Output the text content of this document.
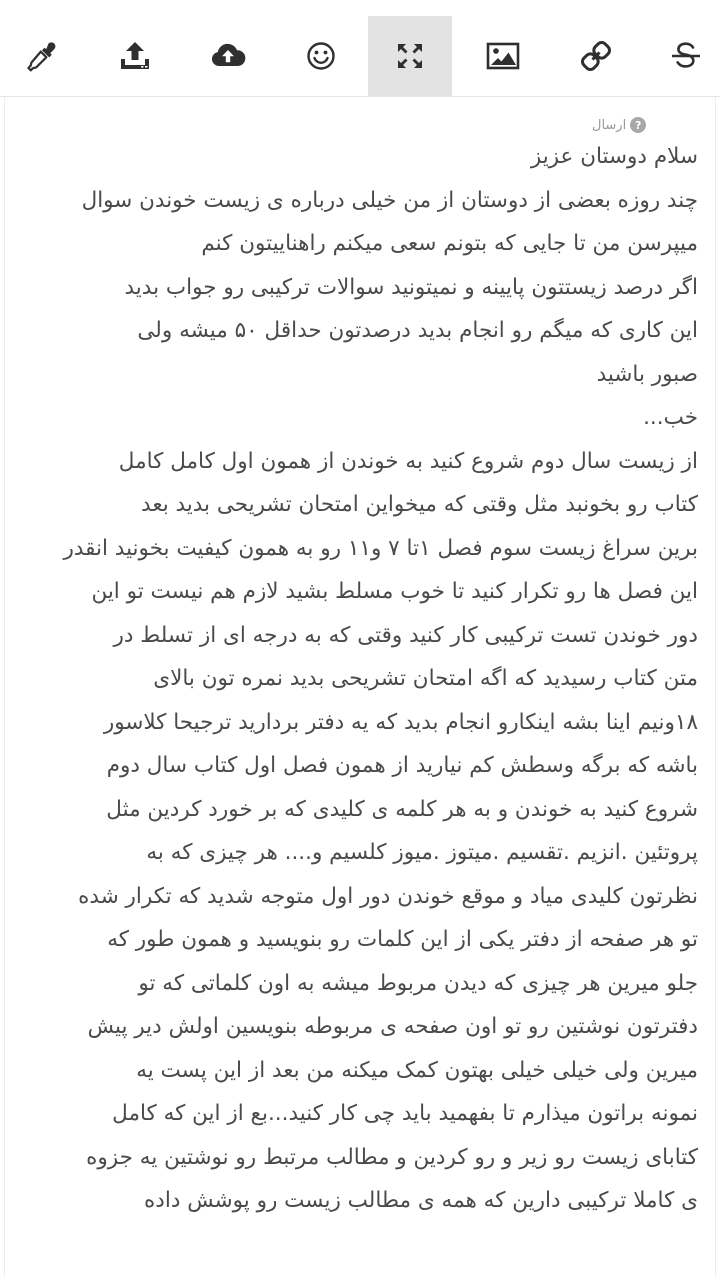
?
ارسال
سلام دوستان عزیز
چند روزه بعضی از دوستان از من خیلی درباره ی زیست خوندن سوال
میپرسن من تا جایی که بتونم سعی میکنم راهناییتون کنم
اگر درصد زیستتون پایینه و نمیتونید سوالات ترکیبی رو جواب بدید
این کاری که میگم رو انجام بدید درصدتون حداقل ۵۰ میشه ولی
صبور باشید
خب...
از زیست سال دوم شروع کنید به خوندن از همون اول کامل کامل
کتاب رو بخونبد مثل وقتی که میخواین امتحان تشریحی بدید بعد
برین سراغ زیست سوم فصل ۱تا ۷ و۱۱ رو به همون کیفیت بخونید انقدر
این فصل ها رو تکرار کنید تا خوب مسلط بشید لازم هم نیست تو این
دور خوندن تست ترکیبی کار کنید وقتی که به درجه ای از تسلط در
متن کتاب رسیدید که اگه امتحان تشریحی بدید نمره تون بالای
۱۸ونیم اینا بشه اینکارو انجام بدید که یه دفتر بردارید ترجیحا کلاسور
باشه که برگه وسطش کم نیارید از همون فصل اول کتاب سال دوم
شروع کنید به خوندن و به هر کلمه ی کلیدی که بر خورد کردین مثل
پروتئین .انزیم .تقسیم .میتوز .میوز کلسیم و.... هر چیزی که به
نظرتون کلیدی میاد و موقع خوندن دور اول متوجه شدید که تکرار شده
تو هر صفحه از دفتر یکی از این کلمات رو بنویسید و همون طور که
جلو میرین هر چیزی که دیدن مربوط میشه به اون کلماتی که تو
دفترتون نوشتین رو تو اون صفحه ی مربوطه بنویسین اولش دیر پیش
میرین ولی خیلی خیلی بهتون کمک میکنه من بعد از این پست یه
نمونه براتون میذارم تا بفهمید باید چی کار کنید...بع از این که کامل
کتابای زیست رو زیر و رو کردین و مطالب مرتبط رو نوشتین یه جزوه
ی کاملا ترکیبی دارین که همه ی مطالب زیست رو پوشش داده
